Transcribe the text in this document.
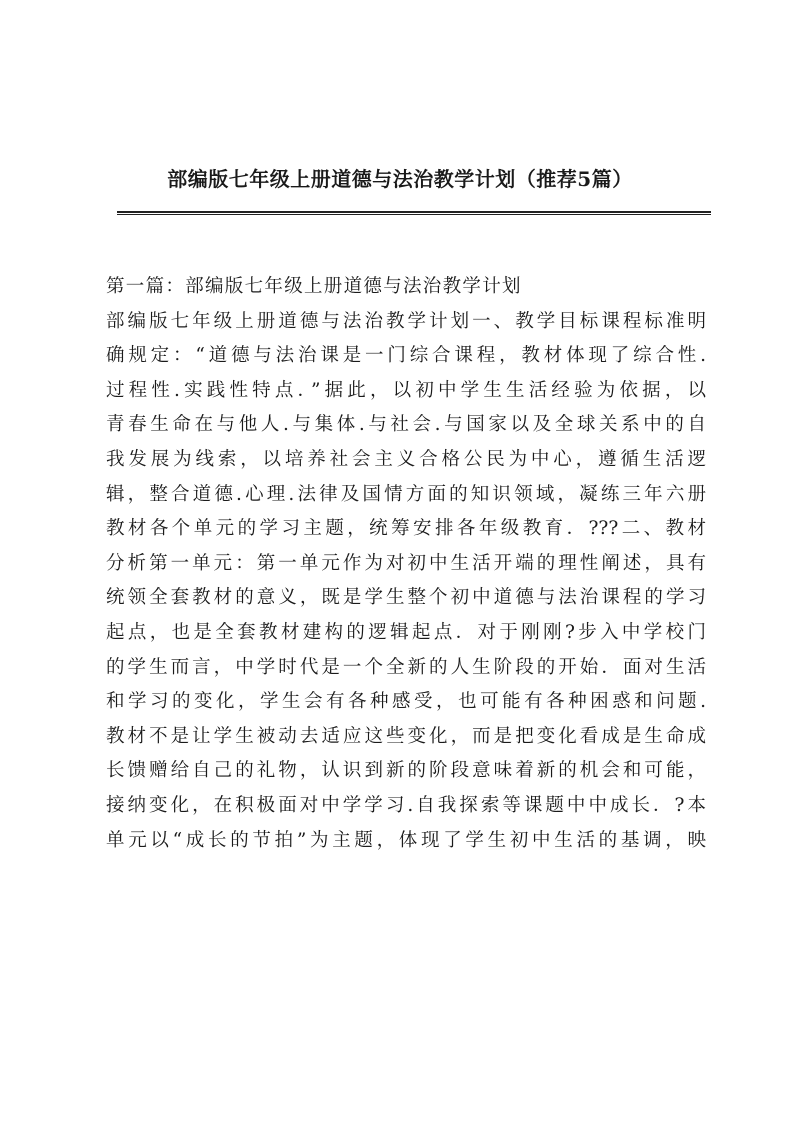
部编版七年级上册道德与法治教学计划（推荐5篇）
第一篇：部编版七年级上册道德与法治教学计划
部编版七年级上册道德与法治教学计划一、教学目标课程标准明
确规定：“道德与法治课是一门综合课程，教材体现了综合性.
过程性.实践性特点．”据此，以初中学生生活经验为依据，以
青春生命在与他人.与集体.与社会.与国家以及全球关系中的自
我发展为线索，以培养社会主义合格公民为中心，遵循生活逻
辑，整合道德.心理.法律及国情方面的知识领域，凝练三年六册
教材各个单元的学习主题，统筹安排各年级教育．???二、教材
分析第一单元：第一单元作为对初中生活开端的理性阐述，具有
统领全套教材的意义，既是学生整个初中道德与法治课程的学习
起点，也是全套教材建构的逻辑起点．对于刚刚?步入中学校门
的学生而言，中学时代是一个全新的人生阶段的开始．面对生活
和学习的变化，学生会有各种感受，也可能有各种困惑和问题.
教材不是让学生被动去适应这些变化，而是把变化看成是生命成
长馈赠给自己的礼物，认识到新的阶段意味着新的机会和可能，
接纳变化，在积极面对中学学习.自我探索等课题中中成长．?本
单元以“成长的节拍”为主题，体现了学生初中生活的基调，映
